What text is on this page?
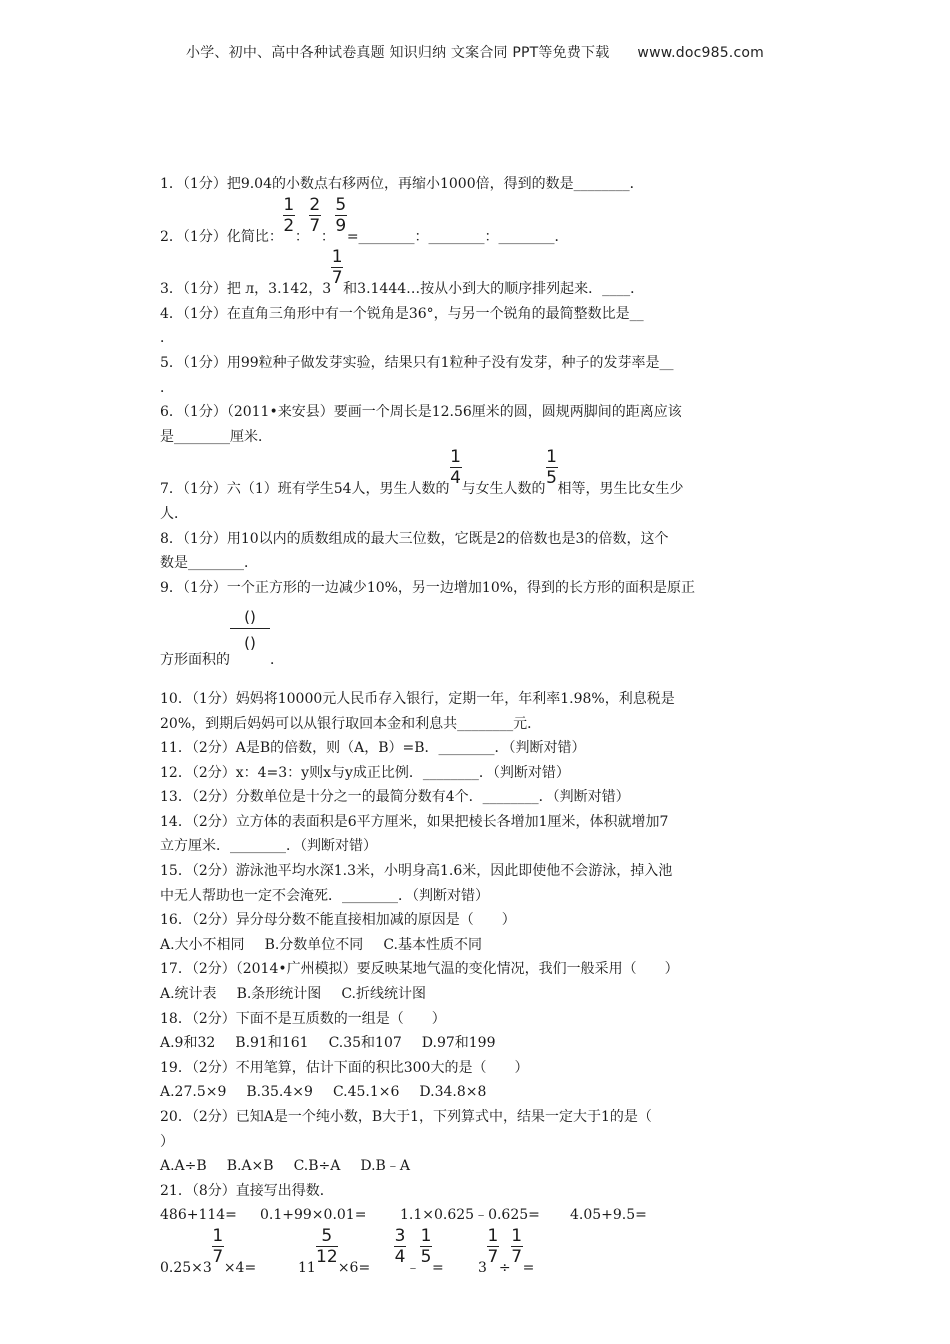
小学、初中、高中各种试卷真题 知识归纳 文案合同 PPT等免费下载 www.doc985.com
1．（1分）把9.04的小数点右移两位，再缩小1000倍，得到的数是________．
2．（1分）化简比： $\frac{1}{2}$ ： $\frac{2}{7}$ ： $\frac{5}{9}$ =________：________：________．
3．（1分）把 л，3.142，$3 \frac{1}{7}$ 和3.1444…按从小到大的顺序排列起来．____．
4．（1分）在直角三角形中有一个锐角是36°，与另一个锐角的最简整数比是__
．
5．（1分）用99粒种子做发芽实验，结果只有1粒种子没有发芽，种子的发芽率是__
．
6．（1分）（2011•来安县）要画一个周长是12.56厘米的圆，圆规两脚间的距离应该
是________厘米．
7．（1分）六（1）班有学生54人，男生人数的 $\frac{1}{4}$ 与女生人数的 $\frac{1}{5}$ 相等，男生比女生少
人．
8．（1分）用10以内的质数组成的最大三位数，它既是2的倍数也是3的倍数，这个
数是________．
9．（1分）一个正方形的一边减少10%，另一边增加10%，得到的长方形的面积是原正
方形面积的 $\frac{()}{()}$ ．
10．（1分）妈妈将10000元人民币存入银行，定期一年，年利率1.98%，利息税是
20%，到期后妈妈可以从银行取回本金和利息共________元．
11．（2分）A是B的倍数，则（A，B）=B．________．（判断对错）
12．（2分）x：4=3：y则x与y成正比例．________．（判断对错）
13．（2分）分数单位是十分之一的最简分数有4个．________．（判断对错）
14．（2分）立方体的表面积是6平方厘米，如果把棱长各增加1厘米，体积就增加7
立方厘米．________．（判断对错）
15．（2分）游泳池平均水深1.3米，小明身高1.6米，因此即使他不会游泳，掉入池
中无人帮助也一定不会淹死．________．（判断对错）
16．（2分）异分母分数不能直接相加减的原因是（　　）
A.大小不相同 B.分数单位不同 C.基本性质不同
17．（2分）（2014•广州模拟）要反映某地气温的变化情况，我们一般采用（　　）
A.统计表 B.条形统计图 C.折线统计图
18．（2分）下面不是互质数的一组是（　　）
A.9和32 B.91和161 C.35和107 D.97和199
19．（2分）不用笔算，估计下面的积比300大的是（　　）
A.27.5×9 B.35.4×9 C.45.1×6 D.34.8×8
20．（2分）已知A是一个纯小数，B大于1，下列算式中，结果一定大于1的是（
）
A.A÷B B.A×B C.B÷A D.B﹣A
21．（8分）直接写出得数．
486+114= 0.1+99×0.01= 1.1×0.625﹣0.625= 4.05+9.5=
$0.25\times 3 \frac{1}{7} \times 4=$	$11 \frac{5}{12} \times 6= \frac{3}{4}$ ﹣ $\frac{1}{5} = 3 \frac{1}{7} \div \frac{1}{7}$ =
